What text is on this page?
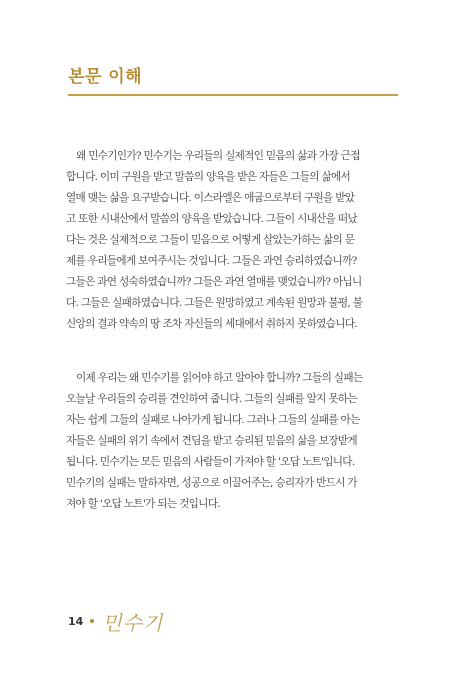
본문 이해

왜 민수기인가? 민수기는 우리들의 실제적인 믿음의 삶과 가장 근접
합니다. 이미 구원을 받고 말씀의 양육을 받은 자들은 그들의 삶에서
열매 맺는 삶을 요구받습니다. 이스라엘은 애굽으로부터 구원을 받았
고 또한 시내산에서 말씀의 양육을 받았습니다. 그들이 시내산을 떠났
다는 것은 실제적으로 그들이 믿음으로 어떻게 살았는가하는 삶의 문
제를 우리들에게 보여주시는 것입니다. 그들은 과연 승리하였습니까?
그들은 과연 성숙하였습니까? 그들은 과연 열매를 맺었습니까? 아닙니
다. 그들은 실패하였습니다. 그들은 원망하였고 계속된 원망과 불평, 불
신앙의 결과 약속의 땅 조차 자신들의 세대에서 취하지 못하였습니다.

이제 우리는 왜 민수기를 읽어야 하고 알아야 합니까? 그들의 실패는
오늘날 우리들의 승리를 견인하여 줍니다. 그들의 실패를 알지 못하는
자는 쉽게 그들의 실패로 나아가게 됩니다. 그러나 그들의 실패를 아는
자들은 실패의 위기 속에서 견딤을 받고 승리된 믿음의 삶을 보장받게
됩니다. 민수기는 모든 믿음의 사람들이 가져야 할 '오답 노트'입니다.
민수기의 실패는 말하자면, 성공으로 이끌어주는, 승리자가 반드시 가
져야 할 '오답 노트'가 되는 것입니다.

14 민수기
